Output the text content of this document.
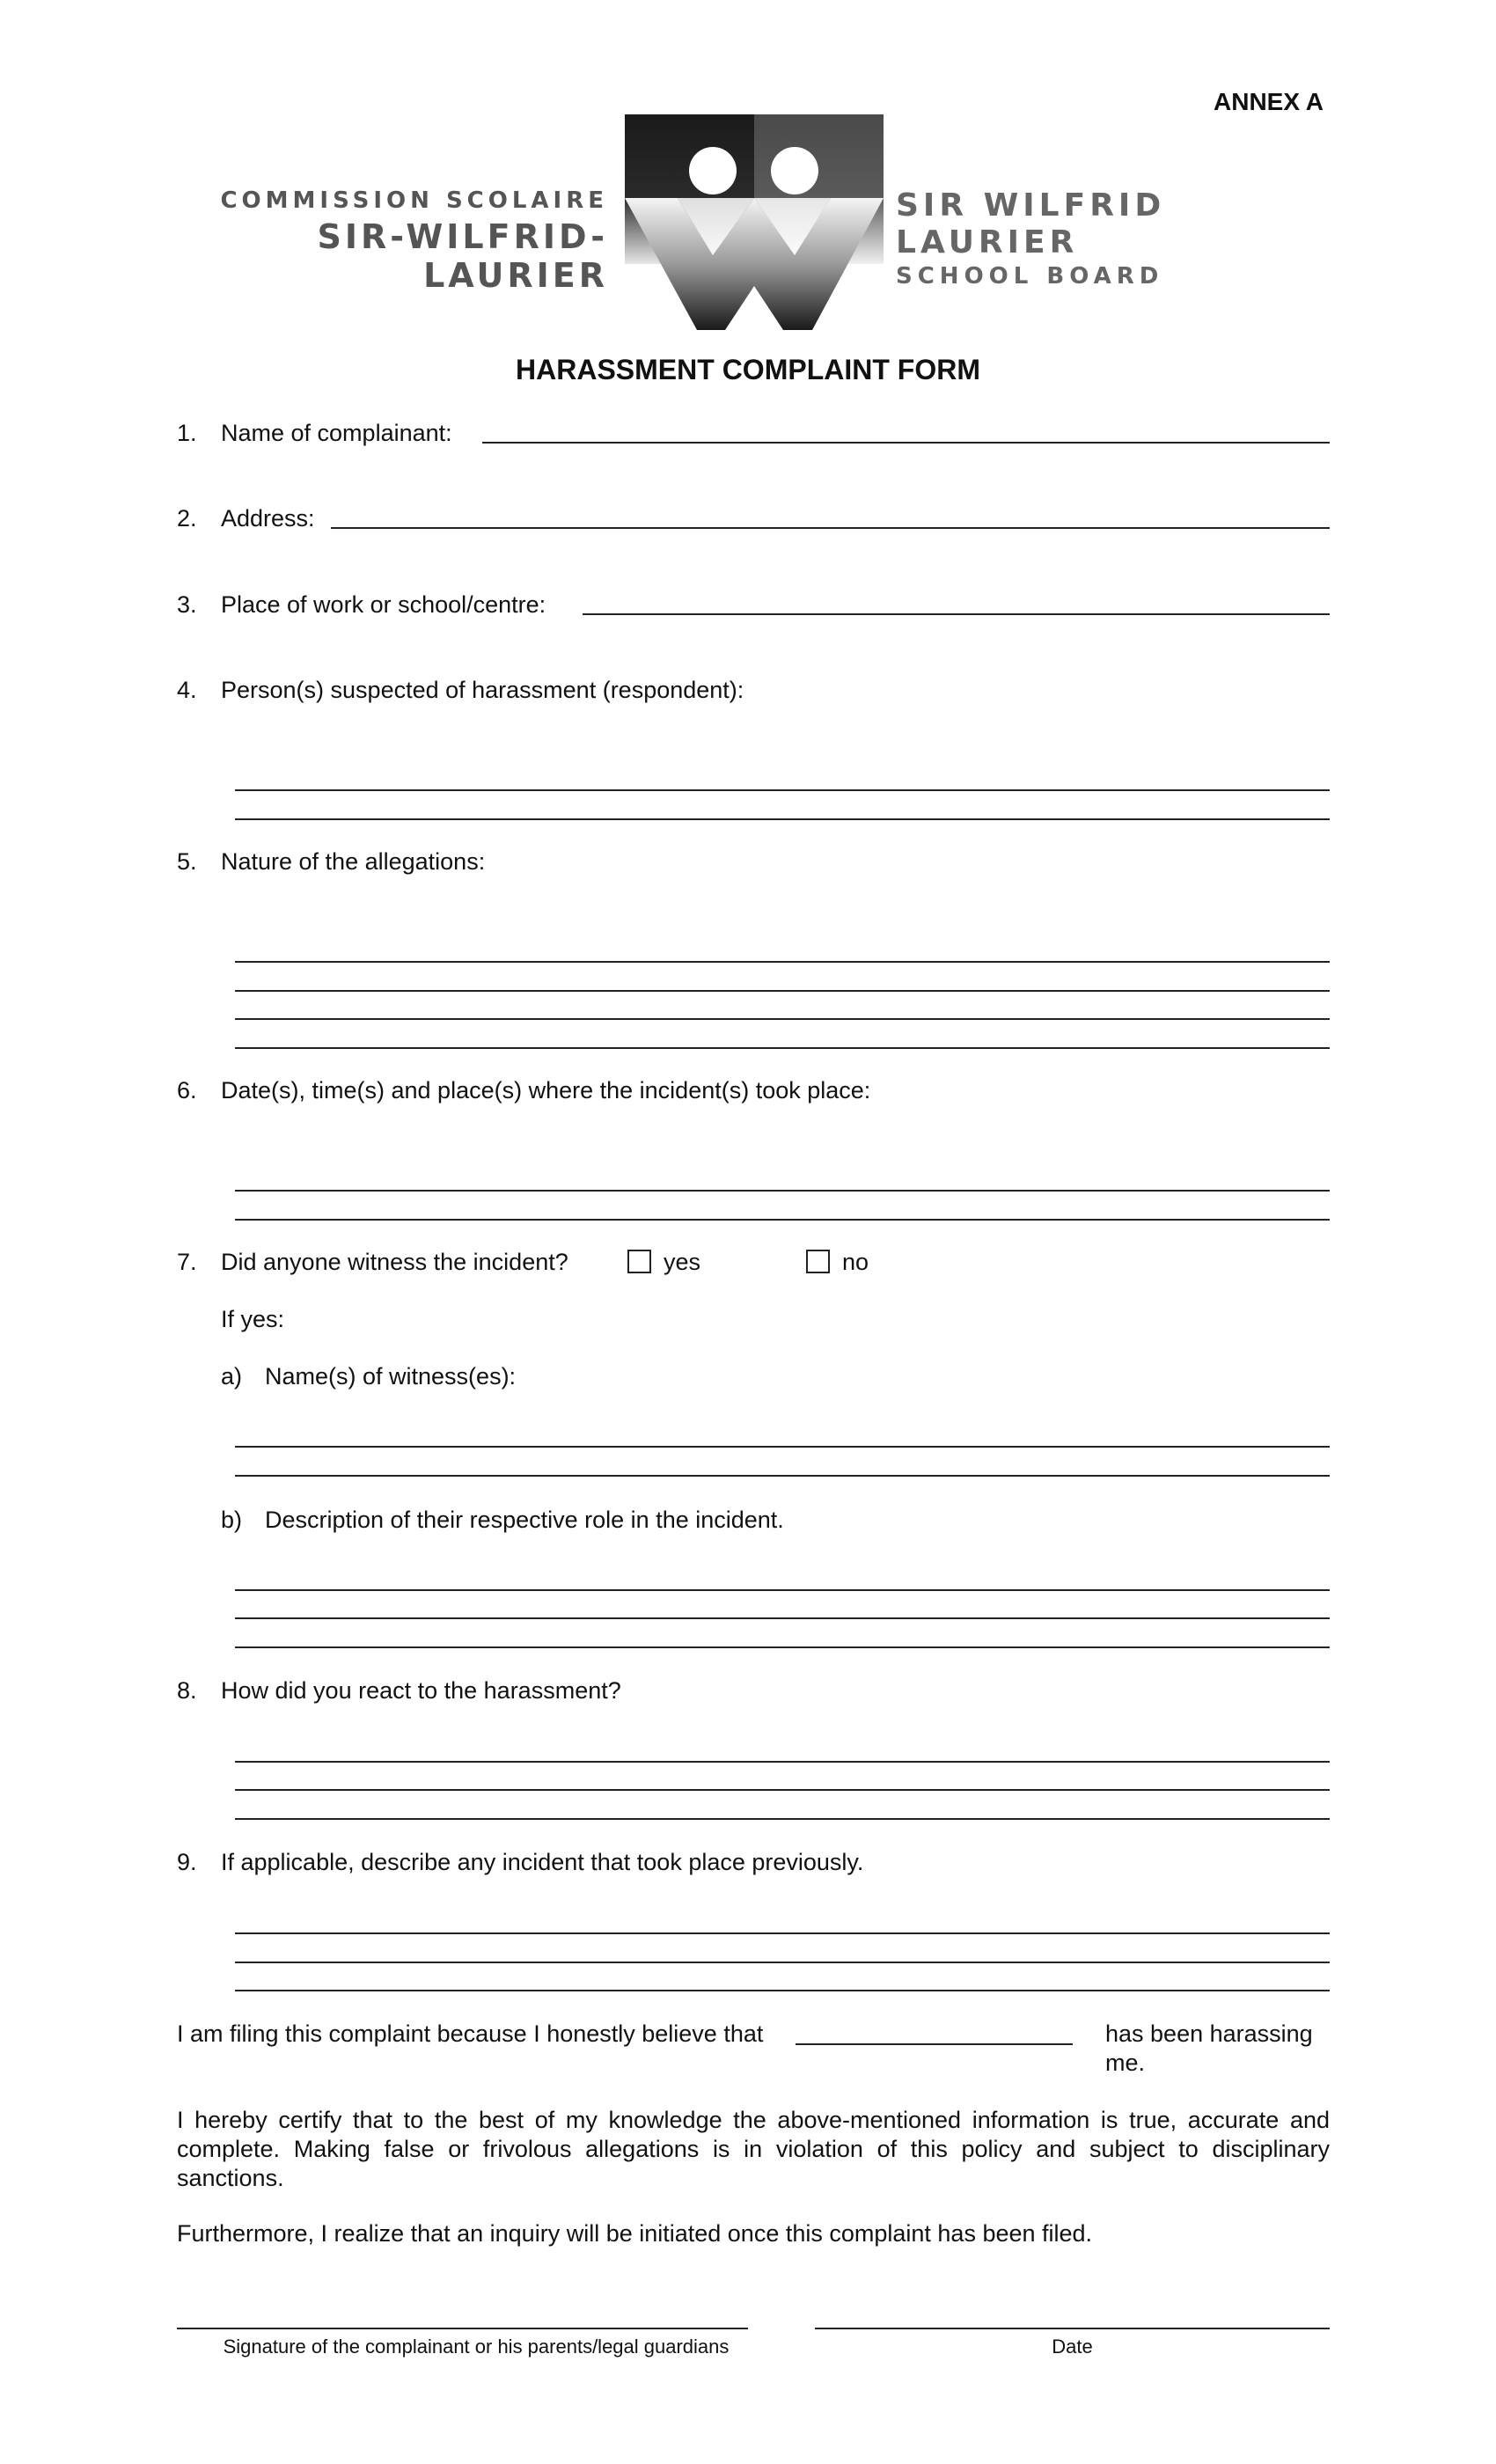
ANNEX A
COMMISSION SCOLAIRE
SIR-WILFRID-LAURIER
SIR WILFRID LAURIER
SCHOOL BOARD
HARASSMENT COMPLAINT FORM
1. Name of complainant:
2. Address:
3. Place of work or school/centre:
4. Person(s) suspected of harassment (respondent):
5. Nature of the allegations:
6. Date(s), time(s) and place(s) where the incident(s) took place:
7. Did anyone witness the incident?	yes	no
If yes:
a) Name(s) of witness(es):
b) Description of their respective role in the incident.
8. How did you react to the harassment?
9. If applicable, describe any incident that took place previously.
I am filing this complaint because I honestly believe that	has been harassing me.
I hereby certify that to the best of my knowledge the above-mentioned information is true, accurate and complete. Making false or frivolous allegations is in violation of this policy and subject to disciplinary sanctions.
Furthermore, I realize that an inquiry will be initiated once this complaint has been filed.
Signature of the complainant or his parents/legal guardians	Date
